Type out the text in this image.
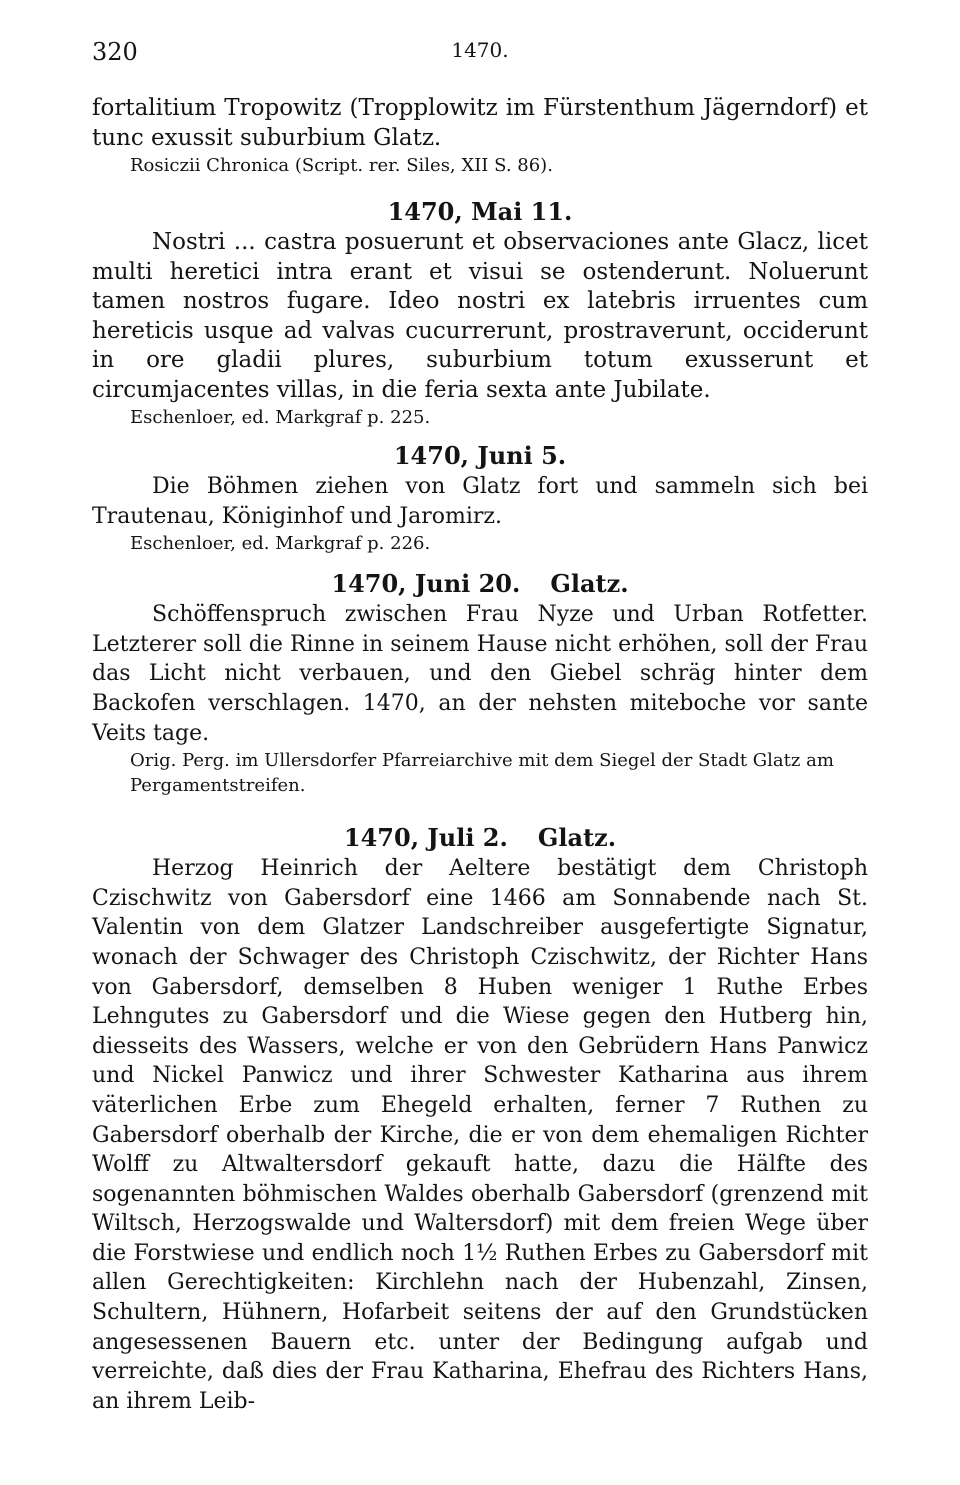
320	1470.

fortalitium Tropowitz (Tropplowitz im Fürstenthum Jägerndorf) et tunc exussit suburbium Glatz.

Rosiczii Chronica (Script. rer. Siles, XII S. 86).

1470, Mai 11.

Nostri ... castra posuerunt et observaciones ante Glacz, licet multi heretici intra erant et visui se ostenderunt. Noluerunt tamen nostros fugare. Ideo nostri ex latebris irruentes cum hereticis usque ad valvas cucurrerunt, prostraverunt, occiderunt in ore gladii plures, suburbium totum exusserunt et circumjacentes villas, in die feria sexta ante Jubilate.

Eschenloer, ed. Markgraf p. 225.

1470, Juni 5.

Die Böhmen ziehen von Glatz fort und sammeln sich bei Trautenau, Königinhof und Jaromirz.

Eschenloer, ed. Markgraf p. 226.

1470, Juni 20. Glatz.

Schöffenspruch zwischen Frau Nyze und Urban Rotfetter. Letzterer soll die Rinne in seinem Hause nicht erhöhen, soll der Frau das Licht nicht verbauen, und den Giebel schräg hinter dem Backofen verschlagen. 1470, an der nehsten miteboche vor sante Veits tage.

Orig. Perg. im Ullersdorfer Pfarreiarchive mit dem Siegel der Stadt Glatz am Pergamentstreifen.

1470, Juli 2. Glatz.

Herzog Heinrich der Aeltere bestätigt dem Christoph Czischwitz von Gabersdorf eine 1466 am Sonnabende nach St. Valentin von dem Glatzer Landschreiber ausgefertigte Signatur, wonach der Schwager des Christoph Czischwitz, der Richter Hans von Gabersdorf, demselben 8 Huben weniger 1 Ruthe Erbes Lehngutes zu Gabersdorf und die Wiese gegen den Hutberg hin, diesseits des Wassers, welche er von den Gebrüdern Hans Panwicz und Nickel Panwicz und ihrer Schwester Katharina aus ihrem väterlichen Erbe zum Ehegeld erhalten, ferner 7 Ruthen zu Gabersdorf oberhalb der Kirche, die er von dem ehemaligen Richter Wolff zu Altwaltersdorf gekauft hatte, dazu die Hälfte des sogenannten böhmischen Waldes oberhalb Gabersdorf (grenzend mit Wiltsch, Herzogswalde und Waltersdorf) mit dem freien Wege über die Forstwiese und endlich noch 1½ Ruthen Erbes zu Gabersdorf mit allen Gerechtigkeiten: Kirchlehn nach der Hubenzahl, Zinsen, Schultern, Hühnern, Hofarbeit seitens der auf den Grundstücken angesessenen Bauern etc. unter der Bedingung aufgab und verreichte, daß dies der Frau Katharina, Ehefrau des Richters Hans, an ihrem Leib-
